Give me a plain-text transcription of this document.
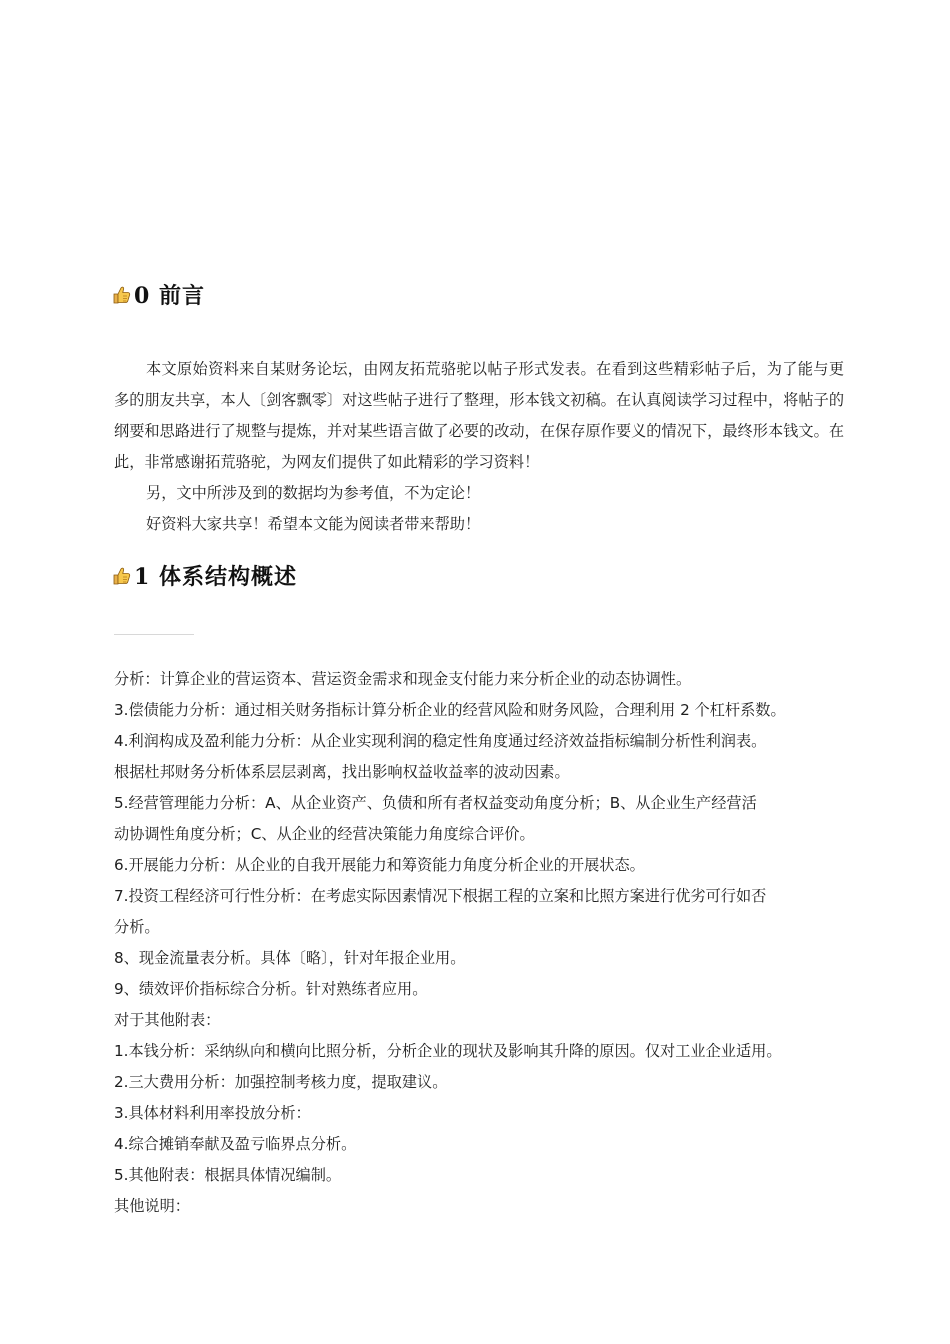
0 前言

本文原始资料来自某财务论坛，由网友拓荒骆驼以帖子形式发表。在看到这些精彩帖子后，为了能与更多的朋友共享，本人〔剑客飘零〕对这些帖子进行了整理，形本钱文初稿。在认真阅读学习过程中，将帖子的纲要和思路进行了规整与提炼，并对某些语言做了必要的改动，在保存原作要义的情况下，最终形本钱文。在此，非常感谢拓荒骆驼，为网友们提供了如此精彩的学习资料！

另，文中所涉及到的数据均为参考值，不为定论！

好资料大家共享！希望本文能为阅读者带来帮助！

1 体系结构概述

分析：计算企业的营运资本、营运资金需求和现金支付能力来分析企业的动态协调性。

3.偿债能力分析：通过相关财务指标计算分析企业的经营风险和财务风险，合理利用 2 个杠杆系数。

4.利润构成及盈利能力分析：从企业实现利润的稳定性角度通过经济效益指标编制分析性利润表。

根据杜邦财务分析体系层层剥离，找出影响权益收益率的波动因素。

5.经营管理能力分析：A、从企业资产、负债和所有者权益变动角度分析；B、从企业生产经营活

动协调性角度分析；C、从企业的经营决策能力角度综合评价。

6.开展能力分析：从企业的自我开展能力和筹资能力角度分析企业的开展状态。

7.投资工程经济可行性分析：在考虑实际因素情况下根据工程的立案和比照方案进行优劣可行如否

分析。

8、现金流量表分析。具体〔略〕，针对年报企业用。

9、绩效评价指标综合分析。针对熟练者应用。

对于其他附表：

1.本钱分析：采纳纵向和横向比照分析，分析企业的现状及影响其升降的原因。仅对工业企业适用。

2.三大费用分析：加强控制考核力度，提取建议。

3.具体材料利用率投放分析：

4.综合摊销奉献及盈亏临界点分析。

5.其他附表：根据具体情况编制。

其他说明：
